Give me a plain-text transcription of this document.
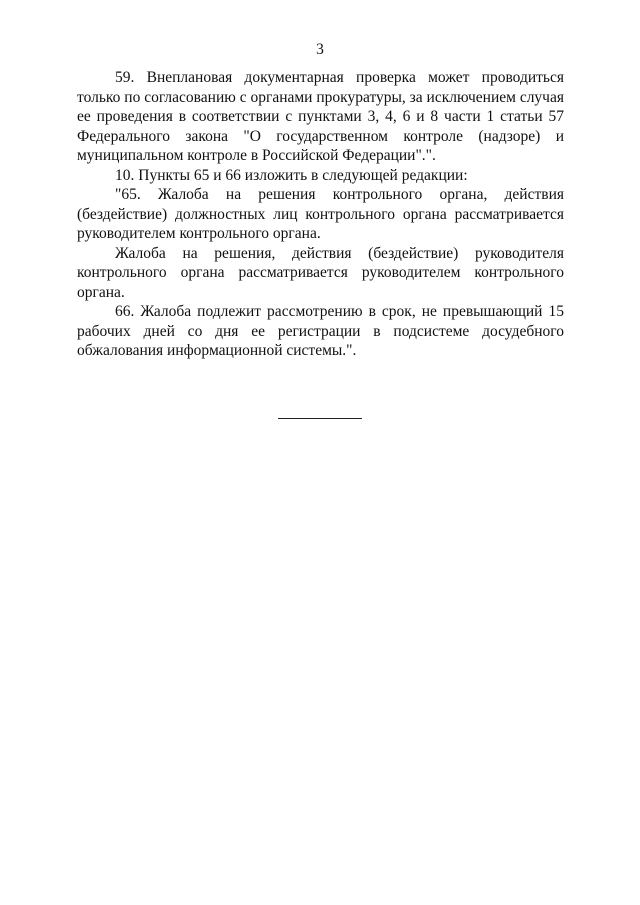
3

59. Внеплановая документарная проверка может проводиться только по согласованию с органами прокуратуры, за исключением случая ее проведения в соответствии с пунктами 3, 4, 6 и 8 части 1 статьи 57 Федерального закона "О государственном контроле (надзоре) и муниципальном контроле в Российской Федерации".".

10. Пункты 65 и 66 изложить в следующей редакции:

"65. Жалоба на решения контрольного органа, действия (бездействие) должностных лиц контрольного органа рассматривается руководителем контрольного органа.

Жалоба на решения, действия (бездействие) руководителя контрольного органа рассматривается руководителем контрольного органа.

66. Жалоба подлежит рассмотрению в срок, не превышающий 15 рабочих дней со дня ее регистрации в подсистеме досудебного обжалования информационной системы.".
